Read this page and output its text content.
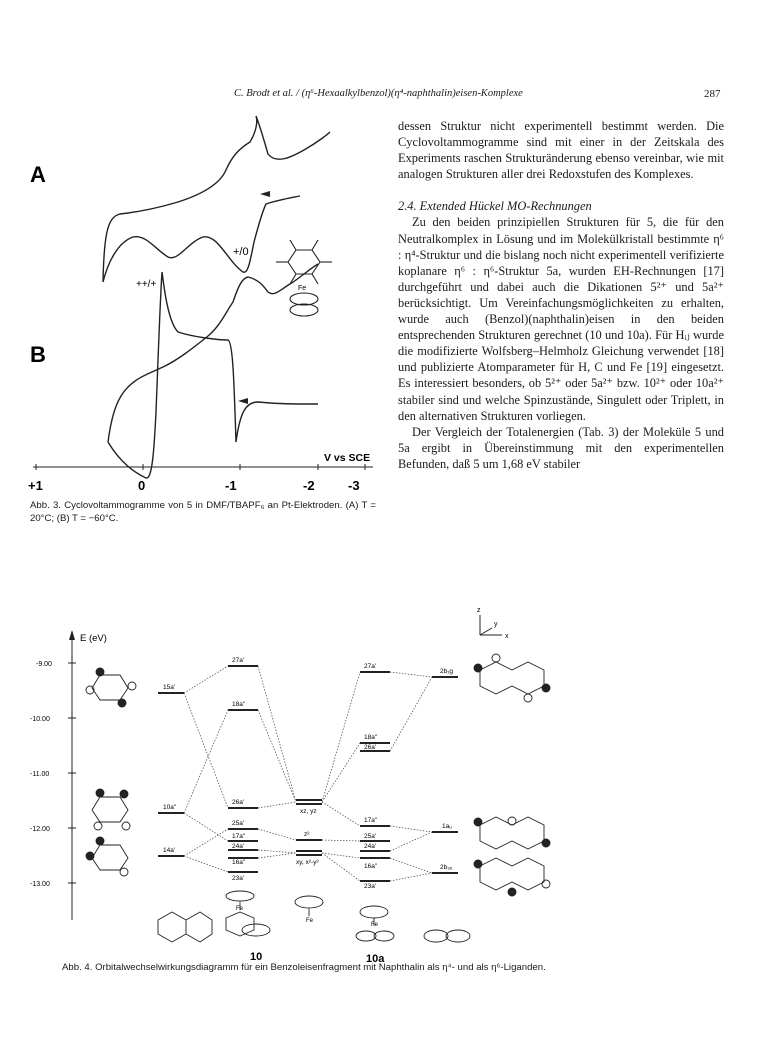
C. Brodt et al. / (η⁶-Hexaalkylbenzol)(η⁴-naphthalin)eisen-Komplexe	287

dessen Struktur nicht experimentell bestimmt werden. Die Cyclovoltammogramme sind mit einer in der Zeitskala des Experiments raschen Strukturänderung ebenso vereinbar, wie mit analogen Strukturen aller drei Redoxstufen des Komplexes.

2.4. Extended Hückel MO-Rechnungen

Zu den beiden prinzipiellen Strukturen für 5, die für den Neutralkomplex in Lösung und im Molekülkristall bestimmte η⁶ : η⁴-Struktur und die bislang noch nicht experimentell verifizierte koplanare η⁶ : η⁶-Struktur 5a, wurden EH-Rechnungen [17] durchgeführt und dabei auch die Dikationen 5²⁺ und 5a²⁺ berücksichtigt. Um Vereinfachungsmöglichkeiten zu erhalten, wurde auch (Benzol)(naphthalin)eisen in den beiden entsprechenden Strukturen gerechnet (10 und 10a). Für Hᵢⱼ wurde die modifizierte Wolfsberg–Helmholz Gleichung verwendet [18] und publizierte Atomparameter für H, C und Fe [19] eingesetzt. Es interessiert besonders, ob 5²⁺ oder 5a²⁺ bzw. 10²⁺ oder 10a²⁺ stabiler sind und welche Spinzustände, Singulett oder Triplett, in den alternativen Strukturen vorliegen.

Der Vergleich der Totalenergien (Tab. 3) der Moleküle 5 und 5a ergibt in Übereinstimmung mit den experimentellen Befunden, daß 5 um 1,68 eV stabiler

A
B
+/0
++/+	Fe
+1	0	-1	-2	-3
V vs SCE
Abb. 3. Cyclovoltammogramme von 5 in DMF/TBAPF₆ an Pt-Elektroden. (A) T = 20°C; (B) T = −60°C.
E (eV)
-9.00
-10.00
-11.00
-12.00
-13.00
z
y
x
15a'
10a''
14a'
27a'
18a''
26a'
25a'
17a''
24a'
16a''
23a'
xz, yz
z²
xy, x²-y²
27a'
18a''
26a'
17a''
25a'
24a'
16a''
23a'
2b₁g
1aᵤ
2b₃ᵤ
Fe
Fe
Fe
10	10a
Abb. 4. Orbitalwechselwirkungsdiagramm für ein Benzoleisenfragment mit Naphthalin als η⁴- und als η⁶-Liganden.
